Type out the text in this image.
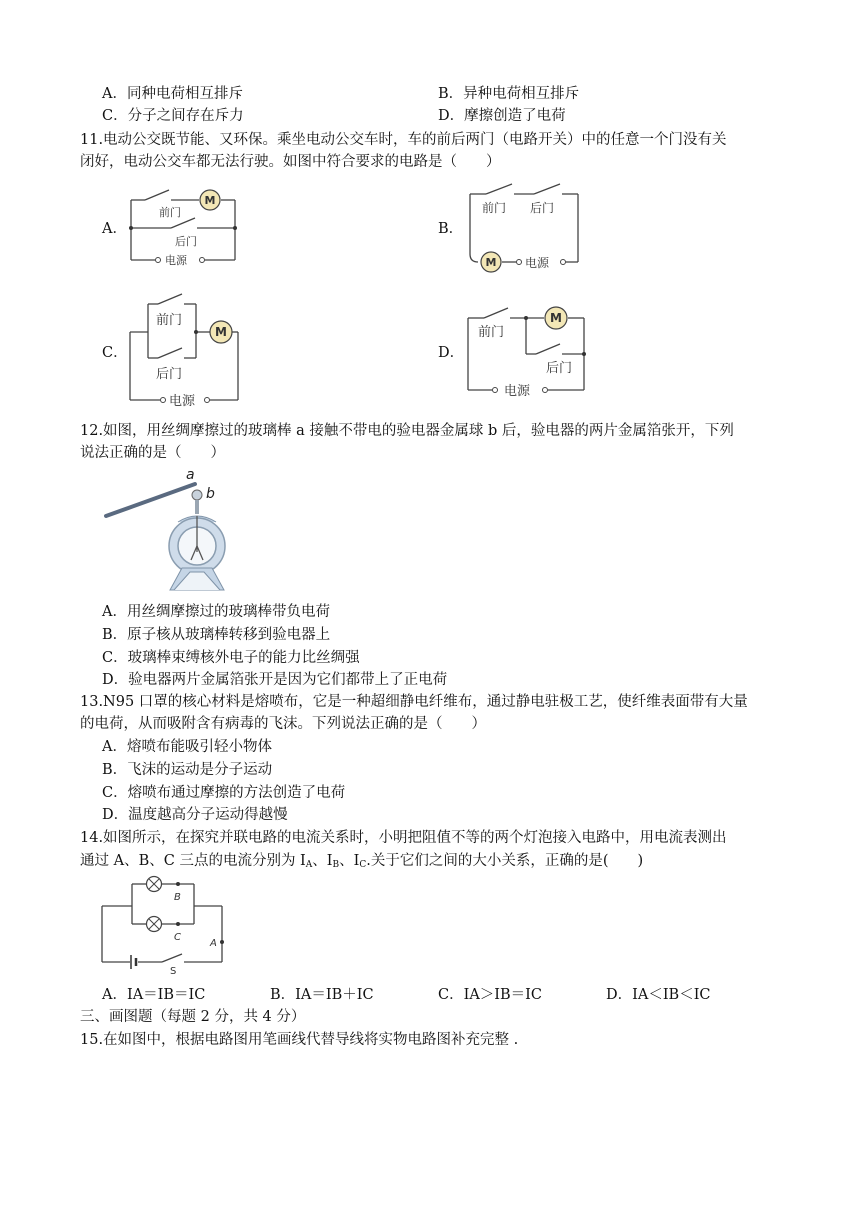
A．同种电荷相互排斥	B．异种电荷相互排斥
C．分子之间存在斥力	D．摩擦创造了电荷
11.电动公交既节能、又环保。乘坐电动公交车时，车的前后两门（电路开关）中的任意一个门没有关
闭好，电动公交车都无法行驶。如图中符合要求的电路是（　　）
A．	B．
C．	D．
M
前门
后门
电源	M
前门 后门
电源
M
前门
后门
电源
M
前门
后门
电源
12.如图，用丝绸摩擦过的玻璃棒 a 接触不带电的验电器金属球 b 后，验电器的两片金属箔张开，下列
说法正确的是（　　）
a
b
A．用丝绸摩擦过的玻璃棒带负电荷
B．原子核从玻璃棒转移到验电器上
C．玻璃棒束缚核外电子的能力比丝绸强
D．验电器两片金属箔张开是因为它们都带上了正电荷
13.N95 口罩的核心材料是熔喷布，它是一种超细静电纤维布，通过静电驻极工艺，使纤维表面带有大量
的电荷，从而吸附含有病毒的飞沫。下列说法正确的是（　　）
A．熔喷布能吸引轻小物体
B．飞沫的运动是分子运动
C．熔喷布通过摩擦的方法创造了电荷
D．温度越高分子运动得越慢
14.如图所示，在探究并联电路的电流关系时，小明把阻值不等的两个灯泡接入电路中，用电流表测出
通过 A、B、C 三点的电流分别为 $I_A$、$I_B$、$I_C$.关于它们之间的大小关系，正确的是(　　)
B
C
A
S
A．IA＝IB＝IC	B．IA＝IB＋IC	C．IA＞IB＝IC	D．IA＜IB＜IC
三、画图题（每题 2 分，共 4 分）
15.在如图中，根据电路图用笔画线代替导线将实物电路图补充完整 .
